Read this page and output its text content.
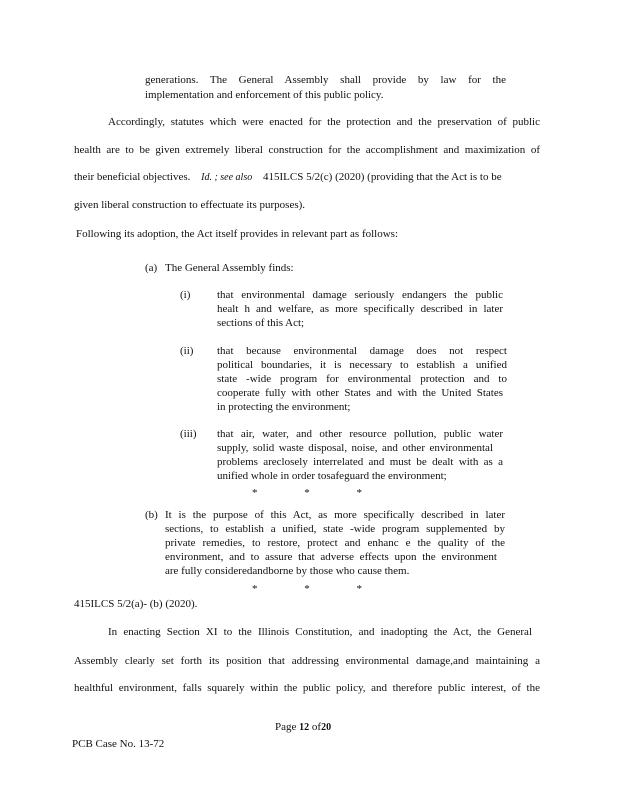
generations. The General Assembly shall provide by law for the
implementation and enforcement of this public policy.
Accordingly, statutes which were enacted for the protection and the preservation of public
health are to be given extremely liberal construction for the accomplishment and maximization of
their beneficial objectives. Id. ; see also 415ILCS 5/2(c) (2020) (providing that the Act is to be
given liberal construction to effectuate its purposes).
Following its adoption, the Act itself provides in relevant part as follows:
(a) The General Assembly finds:
(i) that environmental damage seriously endangers the public
healt h and welfare, as more specifically described in later
sections of this Act;
(ii) that because environmental damage does not respect
political boundaries, it is necessary to establish a unified
state -wide program for environmental protection and to
cooperate fully with other States and with the United States
in protecting the environment;
(iii) that air, water, and other resource pollution, public water
supply, solid waste disposal, noise, and other environmental
problems areclosely interrelated and must be dealt with as a
unified whole in order tosafeguard the environment;
* * *
(b) It is the purpose of this Act, as more specifically described in later
sections, to establish a unified, state -wide program supplemented by
private remedies, to restore, protect and enhanc e the quality of the
environment, and to assure that adverse effects upon the environment
are fully consideredandborne by those who cause them.
* * *
415ILCS 5/2(a)- (b) (2020).
In enacting Section XI to the Illinois Constitution, and inadopting the Act, the General
Assembly clearly set forth its position that addressing environmental damage,and maintaining a
healthful environment, falls squarely within the public policy, and therefore public interest, of the
Page 12 of20
PCB Case No. 13-72
